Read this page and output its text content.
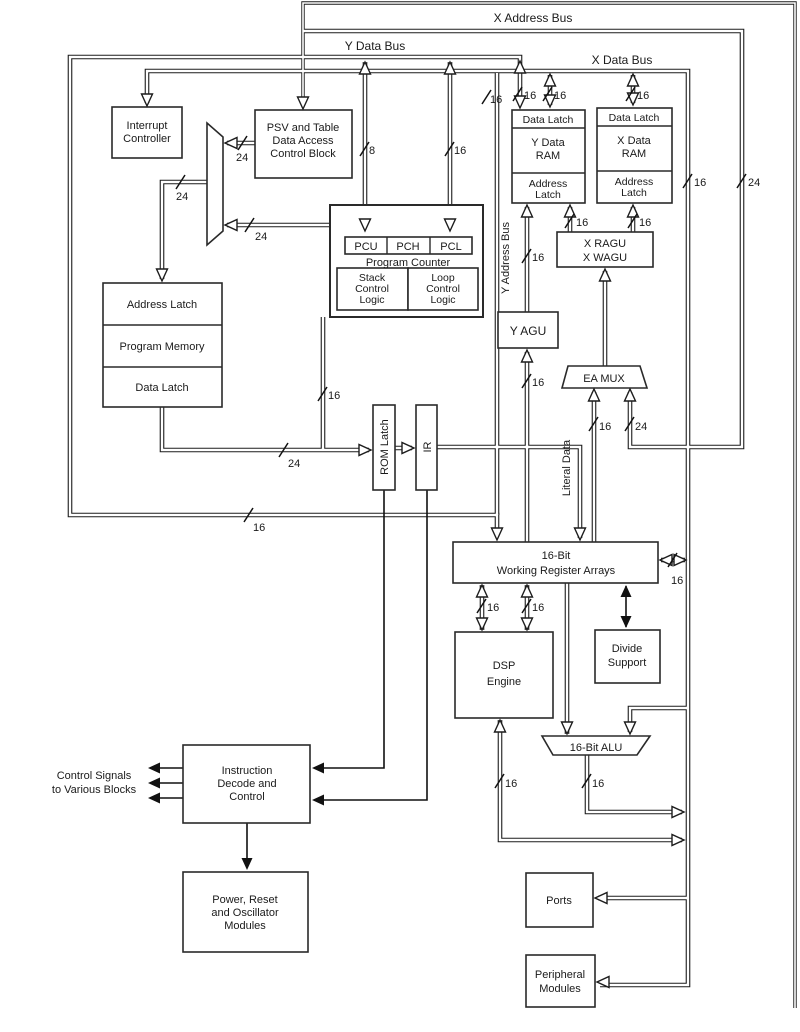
X Address Bus
Y Data Bus
X Data Bus
Interrupt
Controller
PSV and Table
Data Access
Control Block
PCU PCH PCL
Program Counter
Stack
Control
Logic
Loop
Control
Logic
Address Latch
Program Memory
Data Latch
Data Latch
Y Data
RAM
Address
Latch
Data Latch
X Data
RAM
Address
Latch
X RAGU
X WAGU
Y AGU
EA MUX
Y Address Bus
Literal Data
ROM Latch	IR
16-Bit
Working Register Arrays
DSP
Engine
Divide
Support
16-Bit ALU
Instruction
Decode and
Control
Control Signals
to Various Blocks
Power, Reset
and Oscillator
Modules
Ports
Peripheral
Modules
16 16	16
16
8	16
24
24
24
24
16
16
16	24
16
16	16
16
16 24
16
16	16
16	16
